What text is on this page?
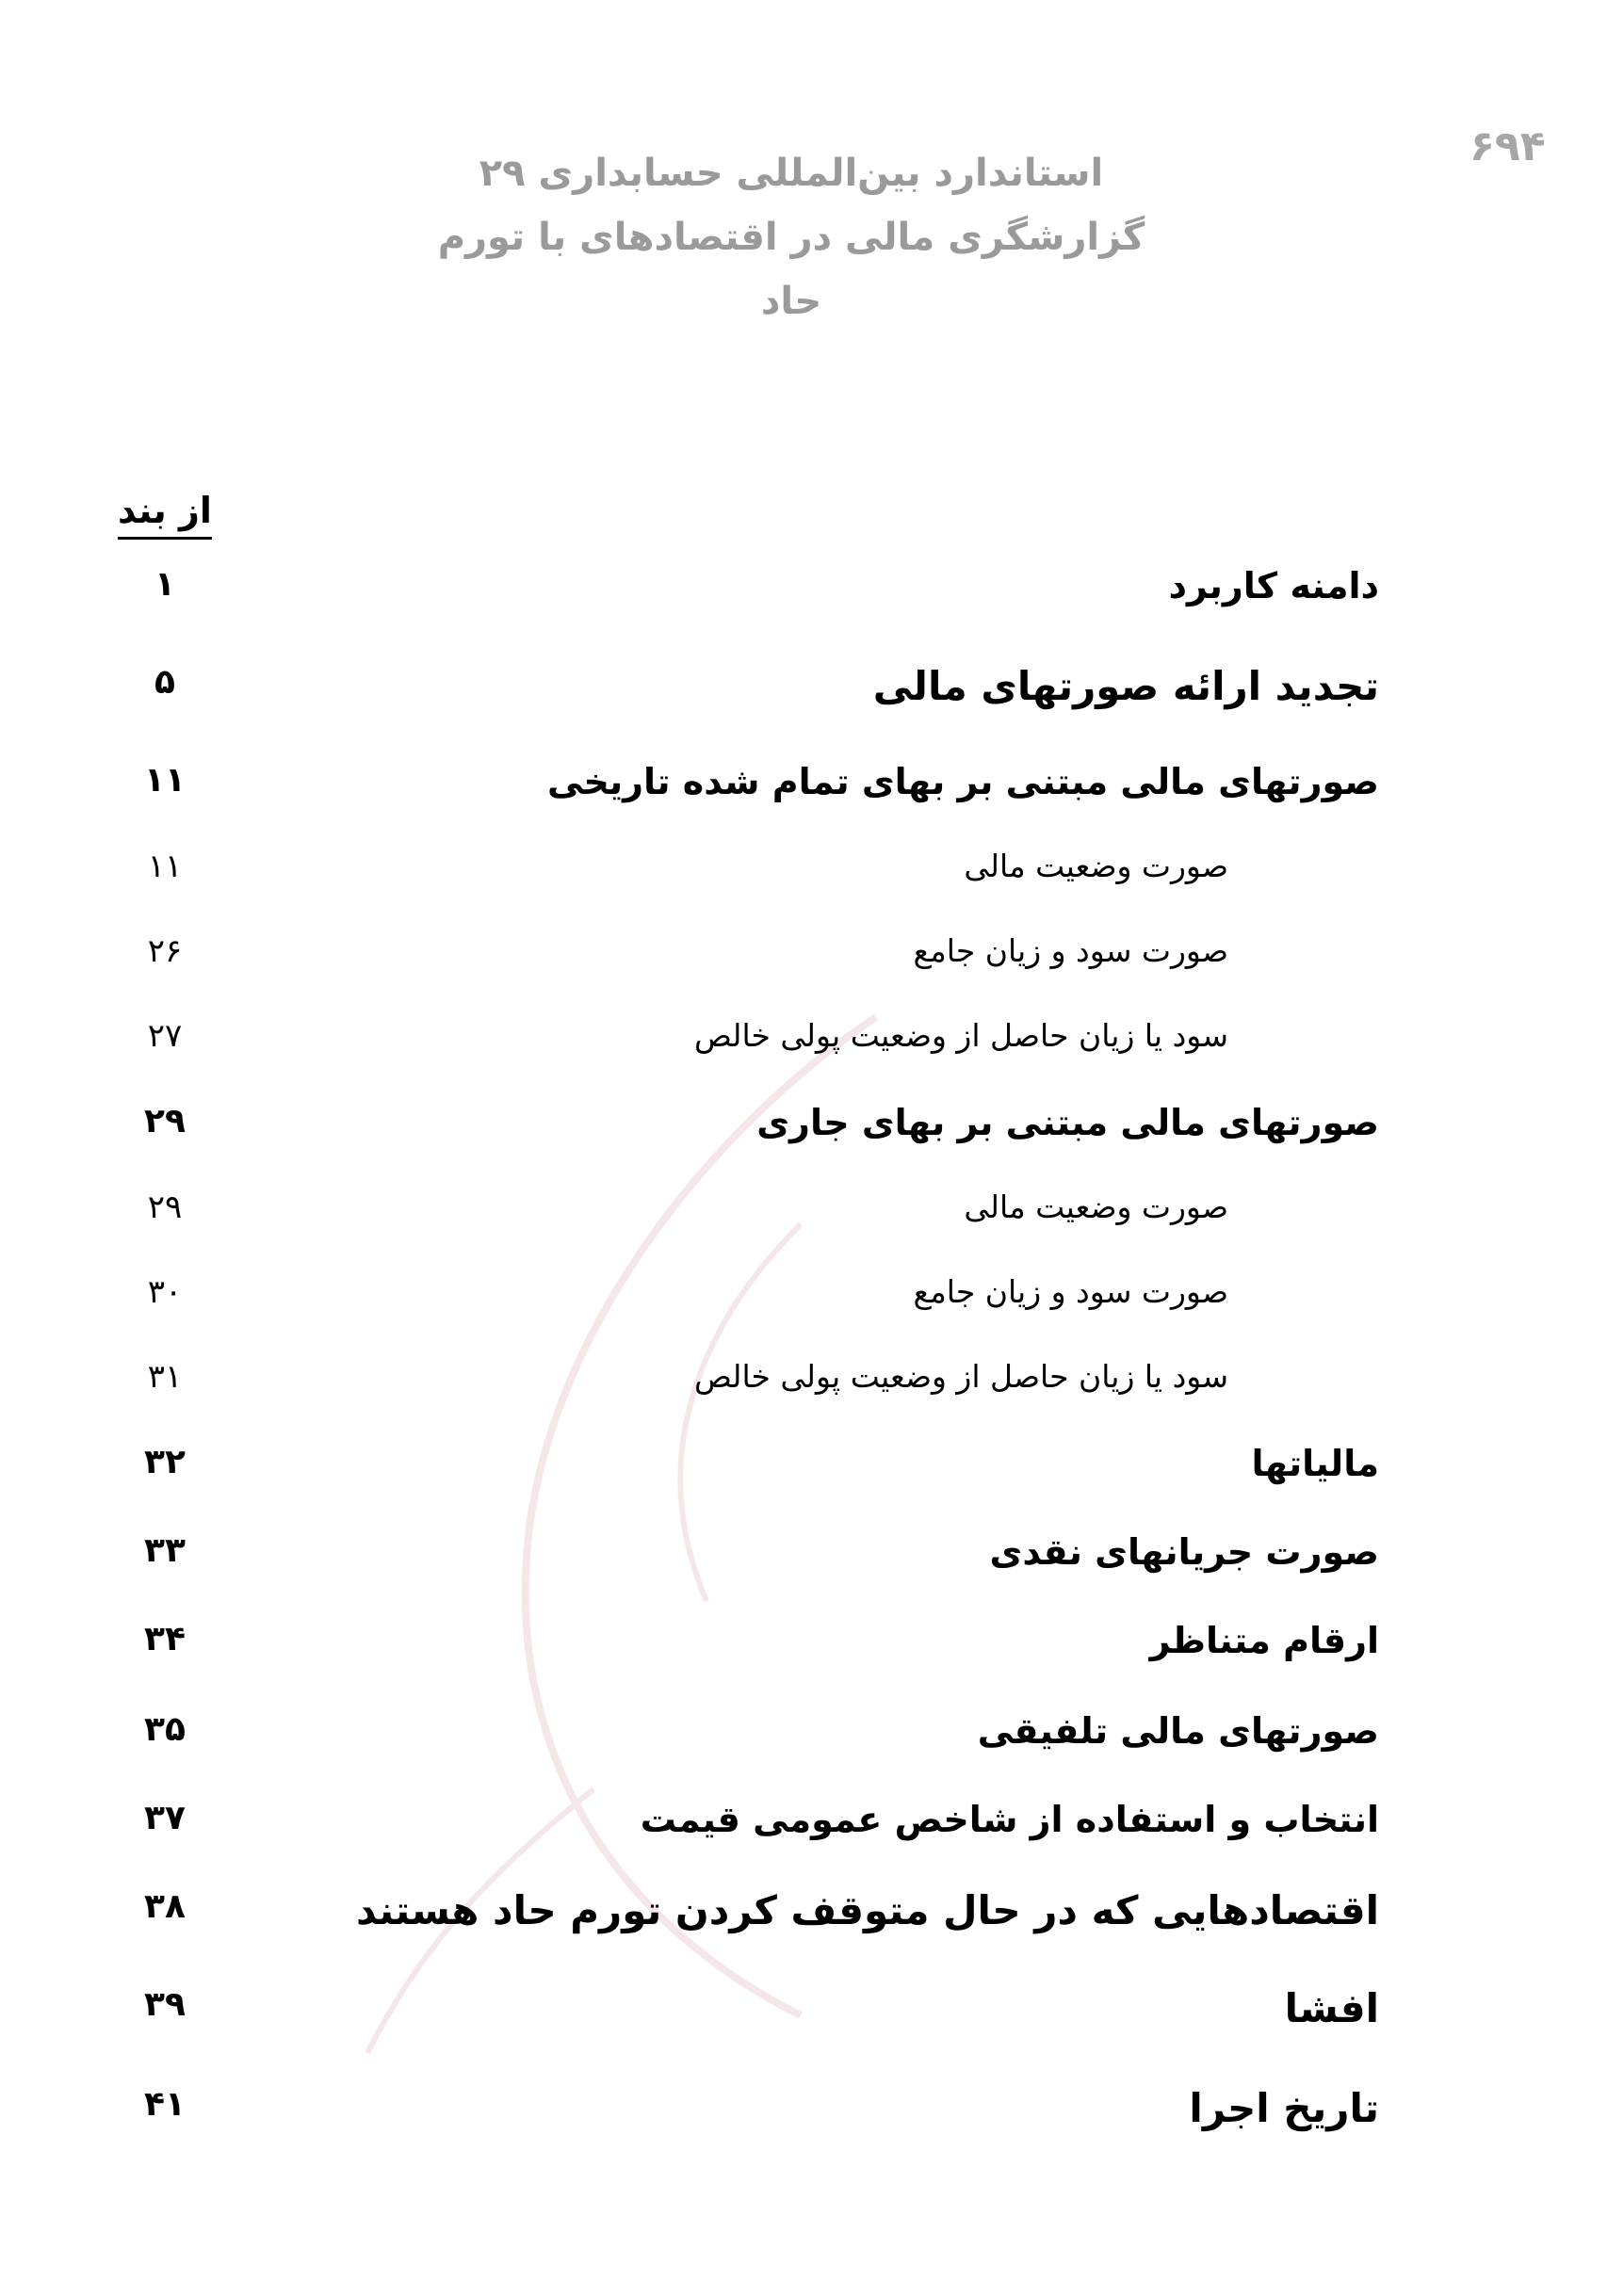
۶۹۴
استاندارد بین‌المللی حسابداری ۲۹
گزارشگری مالی در اقتصادهای با تورم حاد
از بند
دامنه کاربرد
۱
تجدید ارائه صورتهای مالی
۵
صورتهای مالی مبتنی بر بهای تمام شده تاریخی
۱۱
صورت وضعیت مالی
۱۱
صورت سود و زیان جامع
۲۶
سود یا زیان حاصل از وضعیت پولی خالص
۲۷
صورتهای مالی مبتنی بر بهای جاری
۲۹
صورت وضعیت مالی
۲۹
صورت سود و زیان جامع
۳۰
سود یا زیان حاصل از وضعیت پولی خالص
۳۱
مالیاتها
۳۲
صورت جریانهای نقدی
۳۳
ارقام متناظر
۳۴
صورتهای مالی تلفیقی
۳۵
انتخاب و استفاده از شاخص عمومی قیمت
۳۷
اقتصادهایی که در حال متوقف کردن تورم حاد هستند
۳۸
افشا
۳۹
تاریخ اجرا
۴۱
